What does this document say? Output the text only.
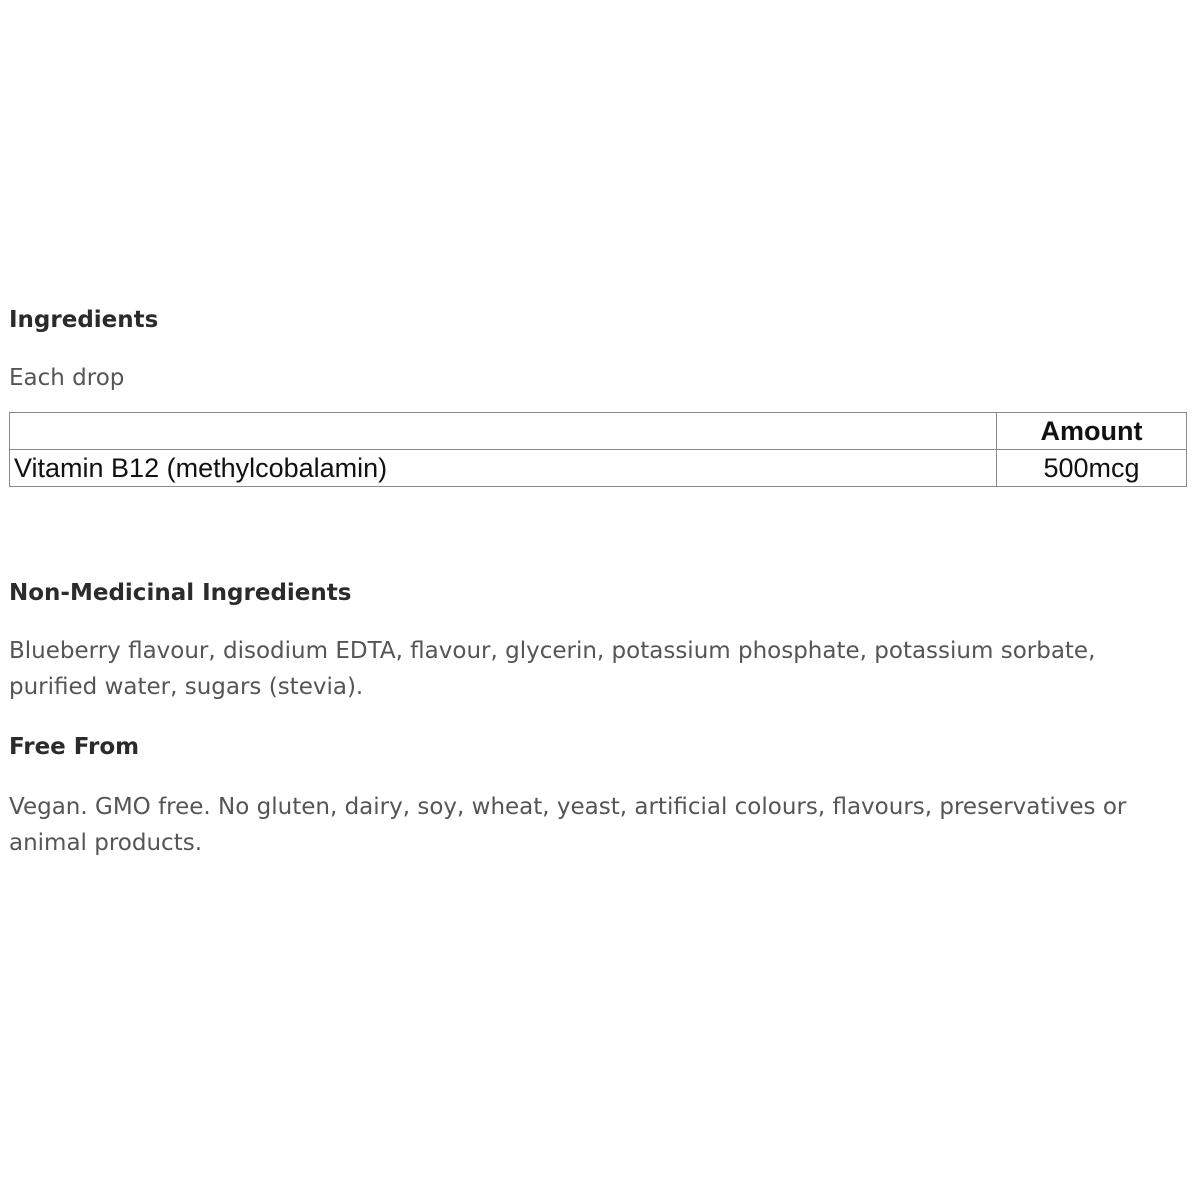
Ingredients

Each drop

	Amount
Vitamin B12 (methylcobalamin)	500mcg
Non-Medicinal Ingredients

Blueberry flavour, disodium EDTA, flavour, glycerin, potassium phosphate, potassium sorbate, purified water, sugars (stevia).

Free From

Vegan. GMO free. No gluten, dairy, soy, wheat, yeast, artificial colours, flavours, preservatives or animal products.
